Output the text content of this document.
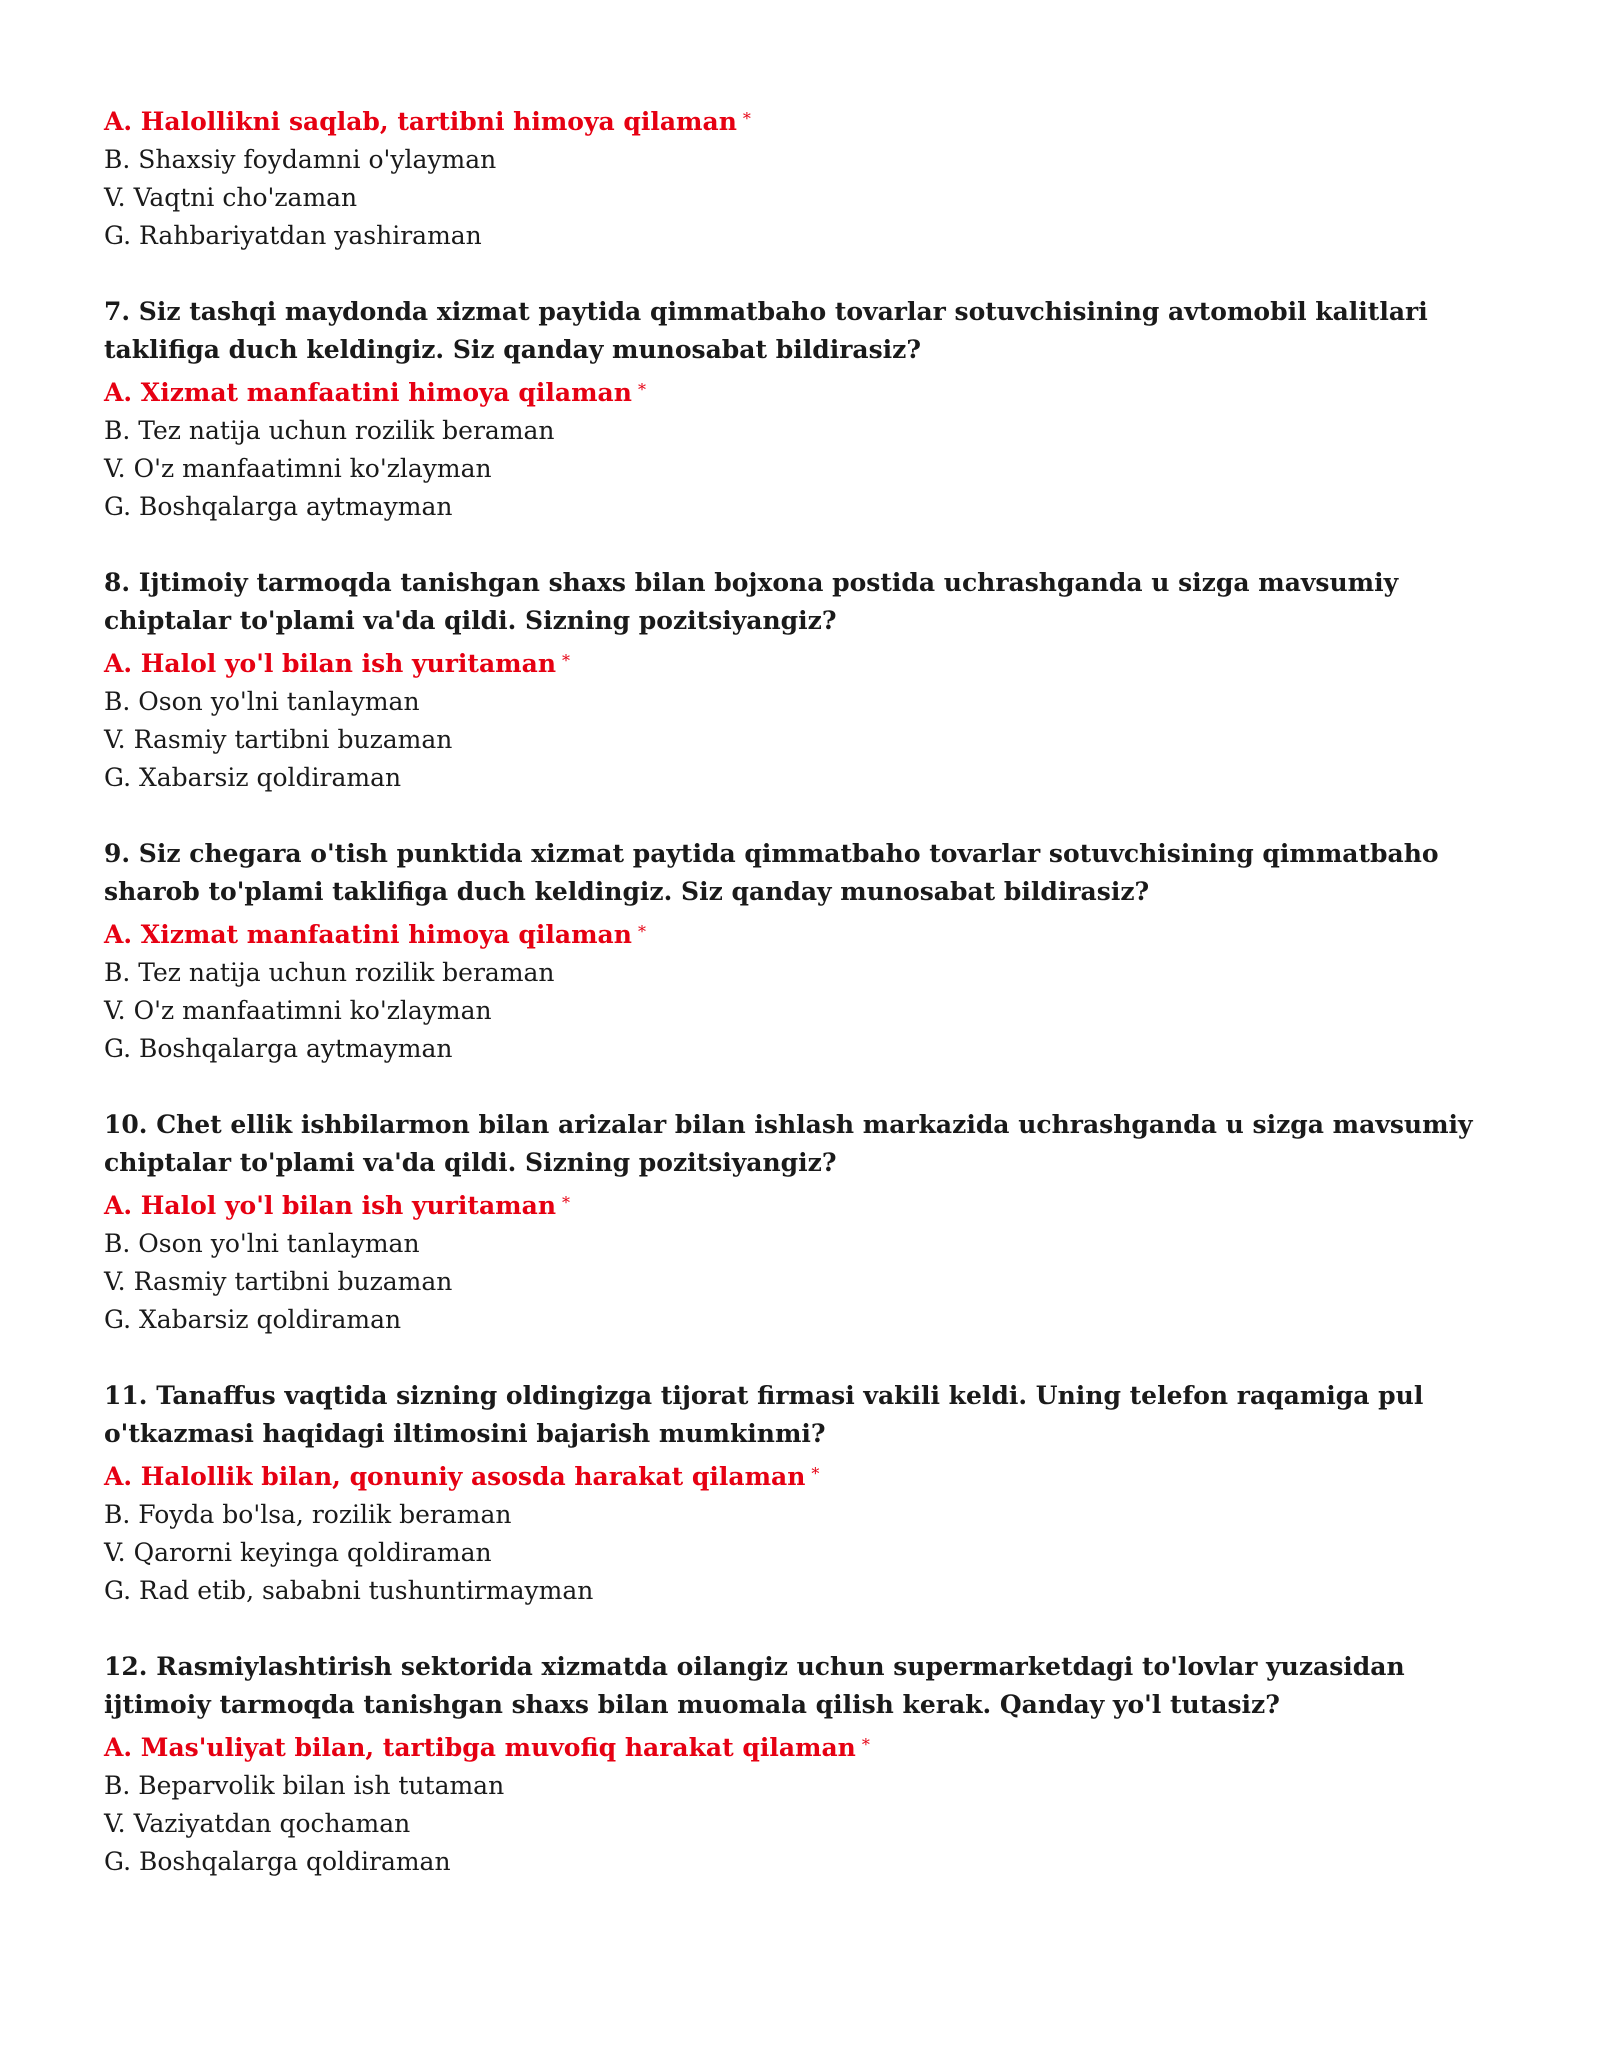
A. Halollikni saqlab, tartibni himoya qilaman *

B. Shaxsiy foydamni o'ylayman

V. Vaqtni cho'zaman

G. Rahbariyatdan yashiraman

7. Siz tashqi maydonda xizmat paytida qimmatbaho tovarlar sotuvchisining avtomobil kalitlari taklifiga duch keldingiz. Siz qanday munosabat bildirasiz?

A. Xizmat manfaatini himoya qilaman *

B. Tez natija uchun rozilik beraman

V. O'z manfaatimni ko'zlayman

G. Boshqalarga aytmayman

8. Ijtimoiy tarmoqda tanishgan shaxs bilan bojxona postida uchrashganda u sizga mavsumiy chiptalar to'plami va'da qildi. Sizning pozitsiyangiz?

A. Halol yo'l bilan ish yuritaman *

B. Oson yo'lni tanlayman

V. Rasmiy tartibni buzaman

G. Xabarsiz qoldiraman

9. Siz chegara o'tish punktida xizmat paytida qimmatbaho tovarlar sotuvchisining qimmatbaho sharob to'plami taklifiga duch keldingiz. Siz qanday munosabat bildirasiz?

A. Xizmat manfaatini himoya qilaman *

B. Tez natija uchun rozilik beraman

V. O'z manfaatimni ko'zlayman

G. Boshqalarga aytmayman

10. Chet ellik ishbilarmon bilan arizalar bilan ishlash markazida uchrashganda u sizga mavsumiy chiptalar to'plami va'da qildi. Sizning pozitsiyangiz?

A. Halol yo'l bilan ish yuritaman *

B. Oson yo'lni tanlayman

V. Rasmiy tartibni buzaman

G. Xabarsiz qoldiraman

11. Tanaffus vaqtida sizning oldingizga tijorat firmasi vakili keldi. Uning telefon raqamiga pul o'tkazmasi haqidagi iltimosini bajarish mumkinmi?

A. Halollik bilan, qonuniy asosda harakat qilaman *

B. Foyda bo'lsa, rozilik beraman

V. Qarorni keyinga qoldiraman

G. Rad etib, sababni tushuntirmayman

12. Rasmiylashtirish sektorida xizmatda oilangiz uchun supermarketdagi to'lovlar yuzasidan ijtimoiy tarmoqda tanishgan shaxs bilan muomala qilish kerak. Qanday yo'l tutasiz?

A. Mas'uliyat bilan, tartibga muvofiq harakat qilaman *

B. Beparvolik bilan ish tutaman

V. Vaziyatdan qochaman

G. Boshqalarga qoldiraman
